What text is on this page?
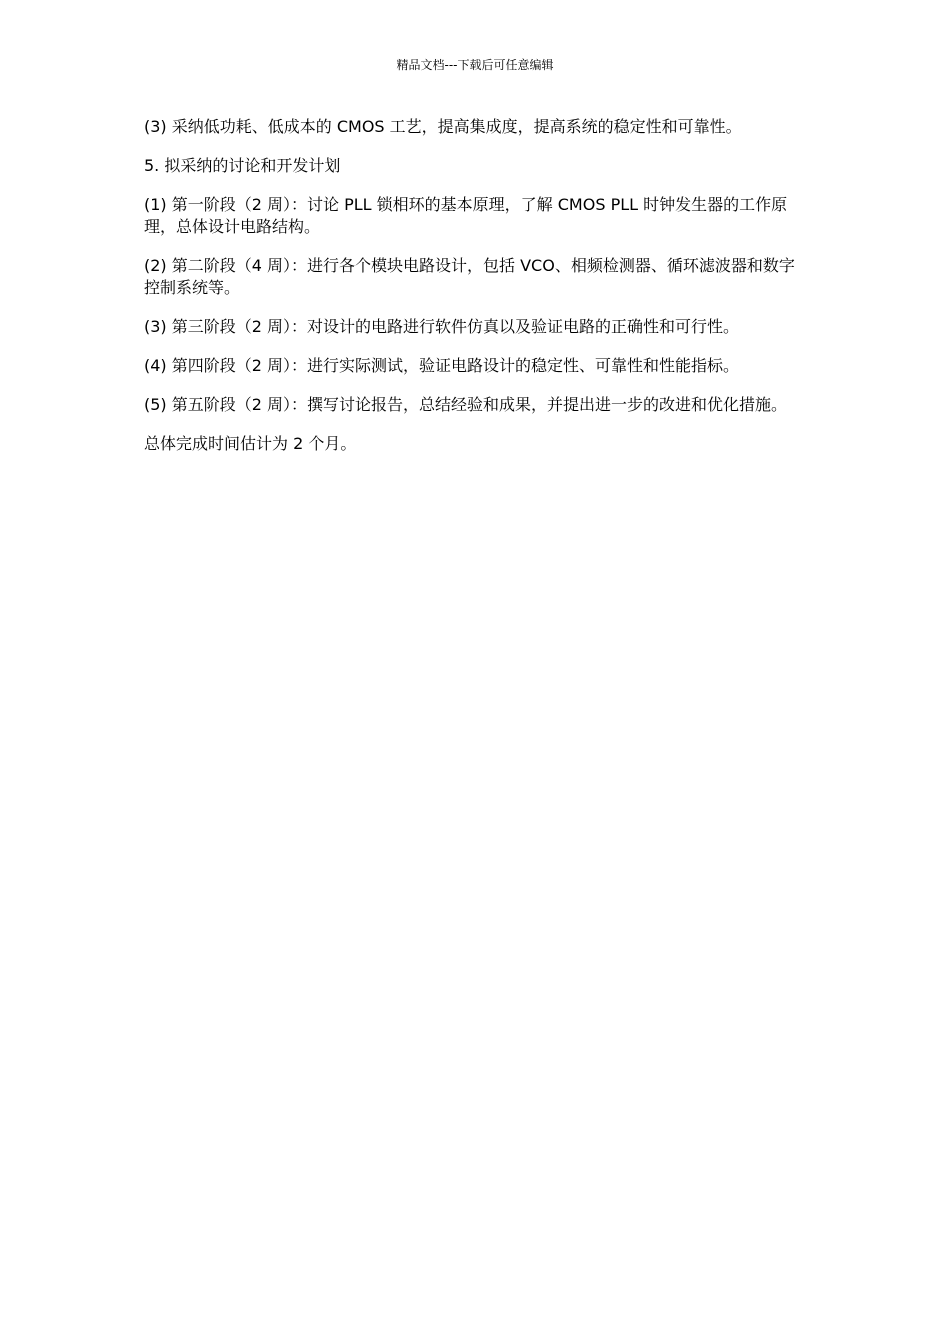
精品文档---下载后可任意编辑

(3) 采纳低功耗、低成本的 CMOS 工艺，提高集成度，提高系统的稳定性和可靠性。

5. 拟采纳的讨论和开发计划

(1) 第一阶段（2 周）：讨论 PLL 锁相环的基本原理，了解 CMOS PLL 时钟发生器的工作原理，总体设计电路结构。

(2) 第二阶段（4 周）：进行各个模块电路设计，包括 VCO、相频检测器、循环滤波器和数字控制系统等。

(3) 第三阶段（2 周）：对设计的电路进行软件仿真以及验证电路的正确性和可行性。

(4) 第四阶段（2 周）：进行实际测试，验证电路设计的稳定性、可靠性和性能指标。

(5) 第五阶段（2 周）：撰写讨论报告，总结经验和成果，并提出进一步的改进和优化措施。

总体完成时间估计为 2 个月。
